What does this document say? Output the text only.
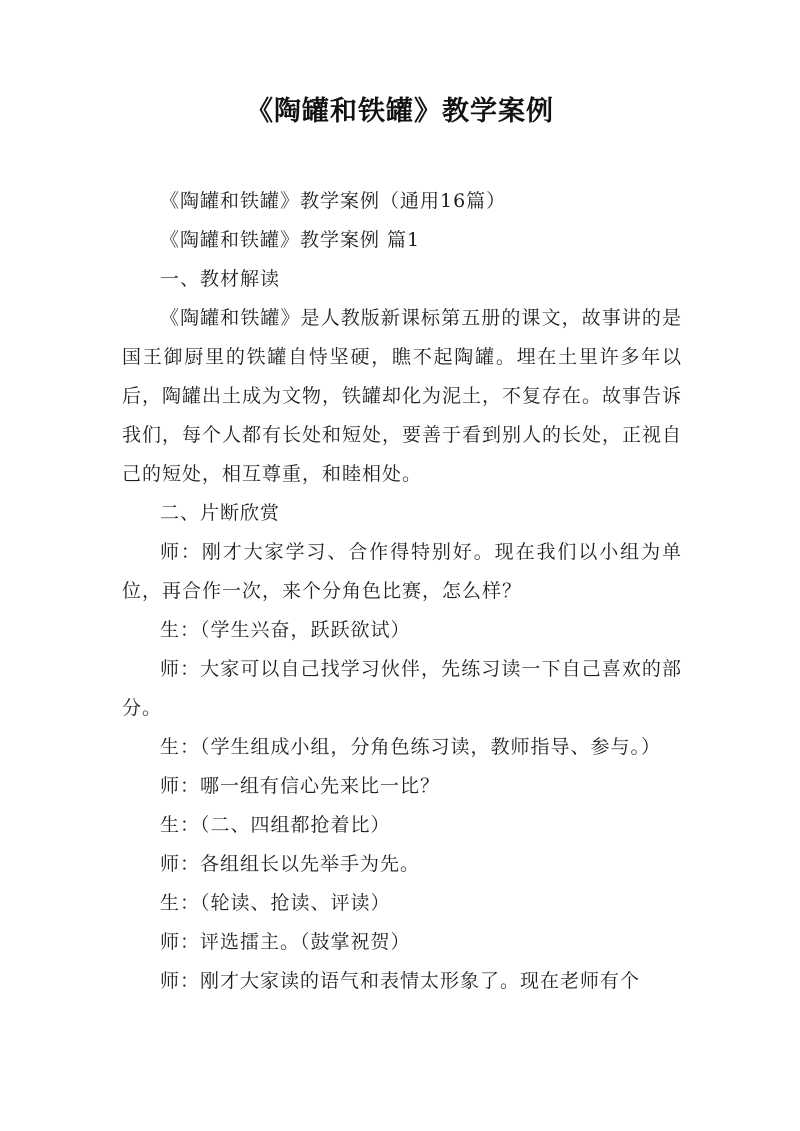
《陶罐和铁罐》教学案例

《陶罐和铁罐》教学案例（通用16篇）

《陶罐和铁罐》教学案例 篇1

一、教材解读

《陶罐和铁罐》是人教版新课标第五册的课文，故事讲的是国王御厨里的铁罐自恃坚硬，瞧不起陶罐。埋在土里许多年以后，陶罐出土成为文物，铁罐却化为泥土，不复存在。故事告诉我们，每个人都有长处和短处，要善于看到别人的长处，正视自己的短处，相互尊重，和睦相处。

二、片断欣赏

师：刚才大家学习、合作得特别好。现在我们以小组为单位，再合作一次，来个分角色比赛，怎么样？

生：（学生兴奋，跃跃欲试）

师：大家可以自己找学习伙伴，先练习读一下自己喜欢的部分。

生：（学生组成小组，分角色练习读，教师指导、参与。）

师：哪一组有信心先来比一比？

生：（二、四组都抢着比）

师：各组组长以先举手为先。

生：（轮读、抢读、评读）

师：评选擂主。（鼓掌祝贺）

师：刚才大家读的语气和表情太形象了。现在老师有个
